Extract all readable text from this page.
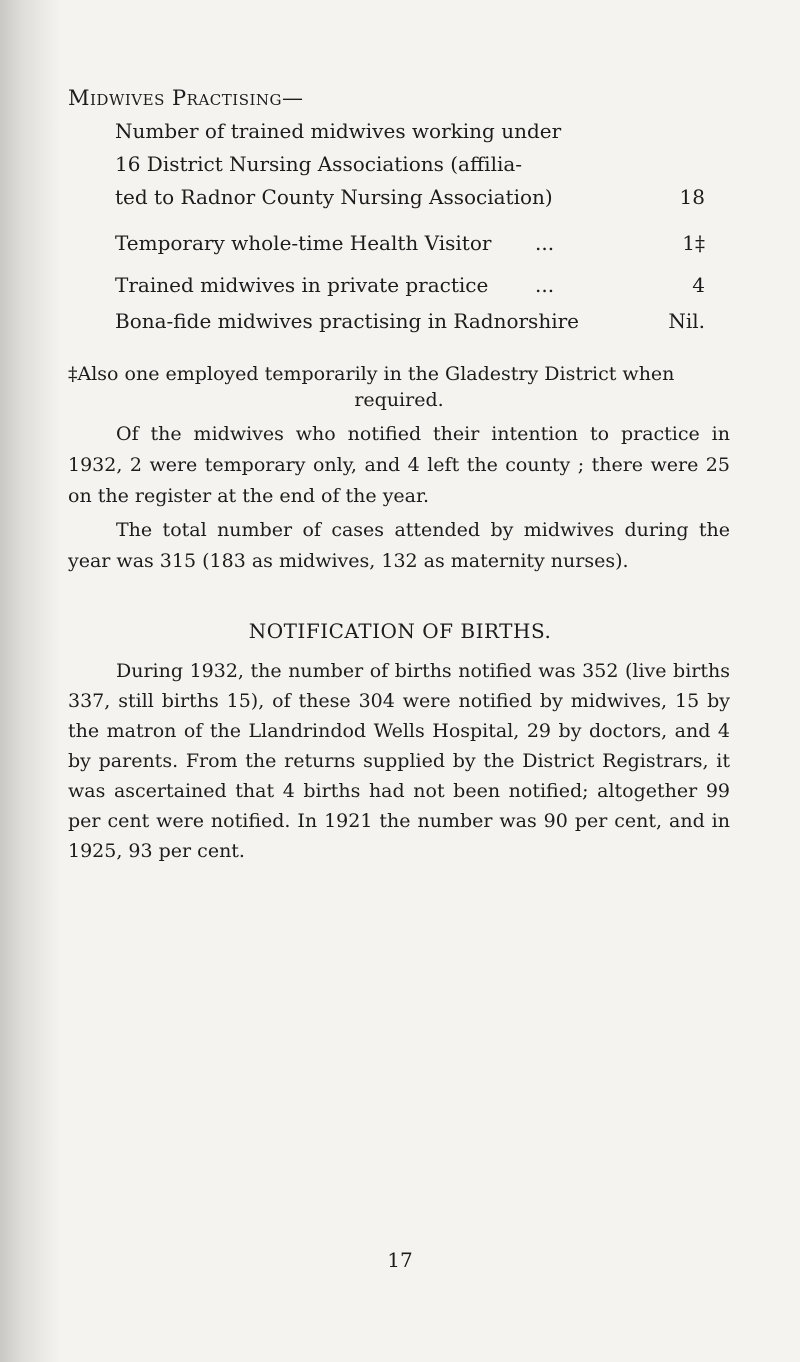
Midwives Practising—
Number of trained midwives working under
16 District Nursing Associations (affilia-
ted to Radnor County Nursing Association)	18
Temporary whole-time Health Visitor ...	1‡
Trained midwives in private practice ...	4
Bona-fide midwives practising in Radnorshire	Nil.
‡Also one employed temporarily in the Gladestry District when
required.
Of the midwives who notified their intention to practice in 1932, 2 were temporary only, and 4 left the county ; there were 25 on the register at the end of the year.
The total number of cases attended by midwives during the year was 315 (183 as midwives, 132 as maternity nurses).
NOTIFICATION OF BIRTHS.
During 1932, the number of births notified was 352 (live births 337, still births 15), of these 304 were notified by midwives, 15 by the matron of the Llandrindod Wells Hospital, 29 by doctors, and 4 by parents. From the returns supplied by the District Registrars, it was ascertained that 4 births had not been notified; altogether 99 per cent were notified. In 1921 the number was 90 per cent, and in 1925, 93 per cent.
17
